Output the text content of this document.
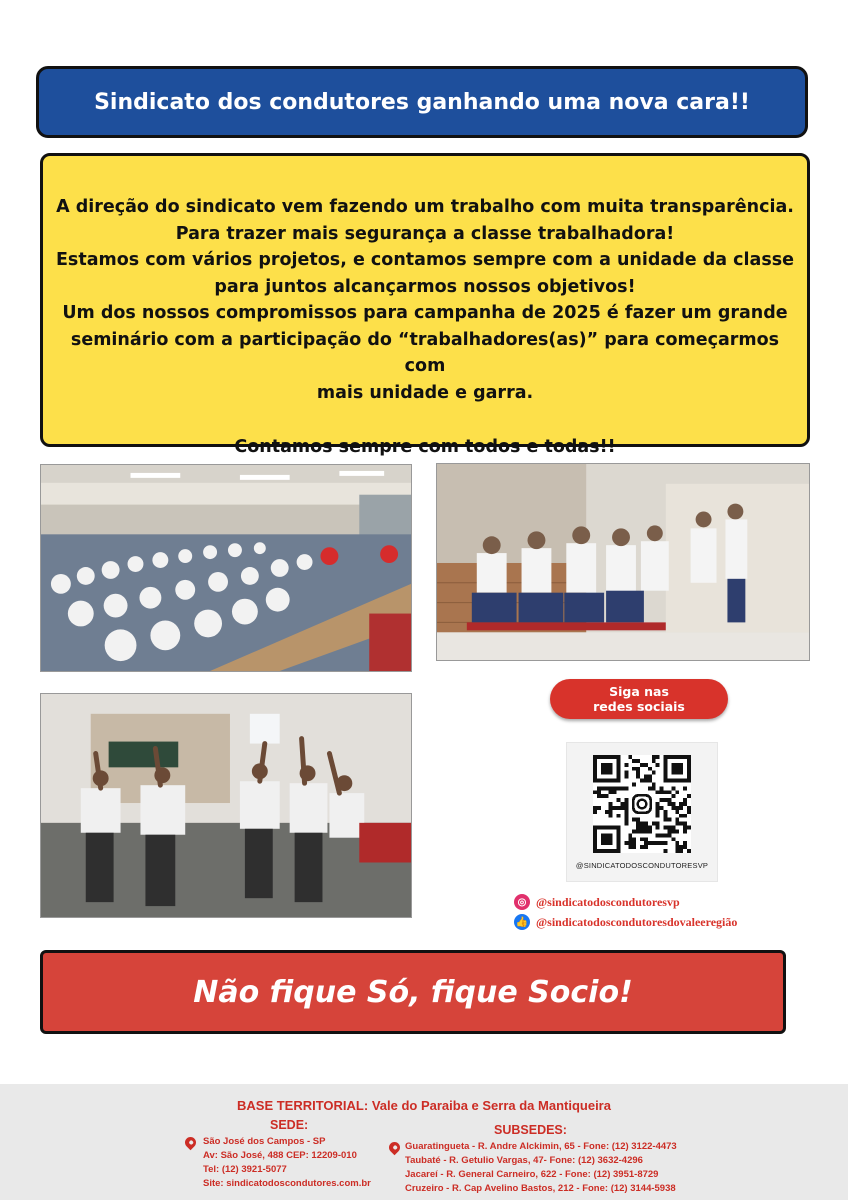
Sindicato dos condutores ganhando uma nova cara!!
A direção do sindicato vem fazendo um trabalho com muita transparência.
Para trazer mais segurança a classe trabalhadora!
Estamos com vários projetos, e contamos sempre com a unidade da classe
para juntos alcançarmos nossos objetivos!
Um dos nossos compromissos para campanha de 2025 é fazer um grande
seminário com a participação do “trabalhadores(as)” para começarmos com
mais unidade e garra.
Contamos sempre com todos e todas!!
Siga nas
redes sociais
@SINDICATODOSCONDUTORESVP
◎ @sindicatodoscondutoresvp
👍 @sindicatodoscondutoresdovaleeregião
Não fique Só, fique Socio!
BASE TERRITORIAL: Vale do Paraiba e Serra da Mantiqueira
SEDE:	SUBSEDES:
São José dos Campos - SP
Av: São José, 488 CEP: 12209-010
Tel: (12) 3921-5077
Site: sindicatodoscondutores.com.br
Guaratingueta - R. Andre Alckimin, 65 - Fone: (12) 3122-4473
Taubaté - R. Getulio Vargas, 47- Fone: (12) 3632-4296
Jacareí - R. General Carneiro, 622 - Fone: (12) 3951-8729
Cruzeiro - R. Cap Avelino Bastos, 212 - Fone: (12) 3144-5938
